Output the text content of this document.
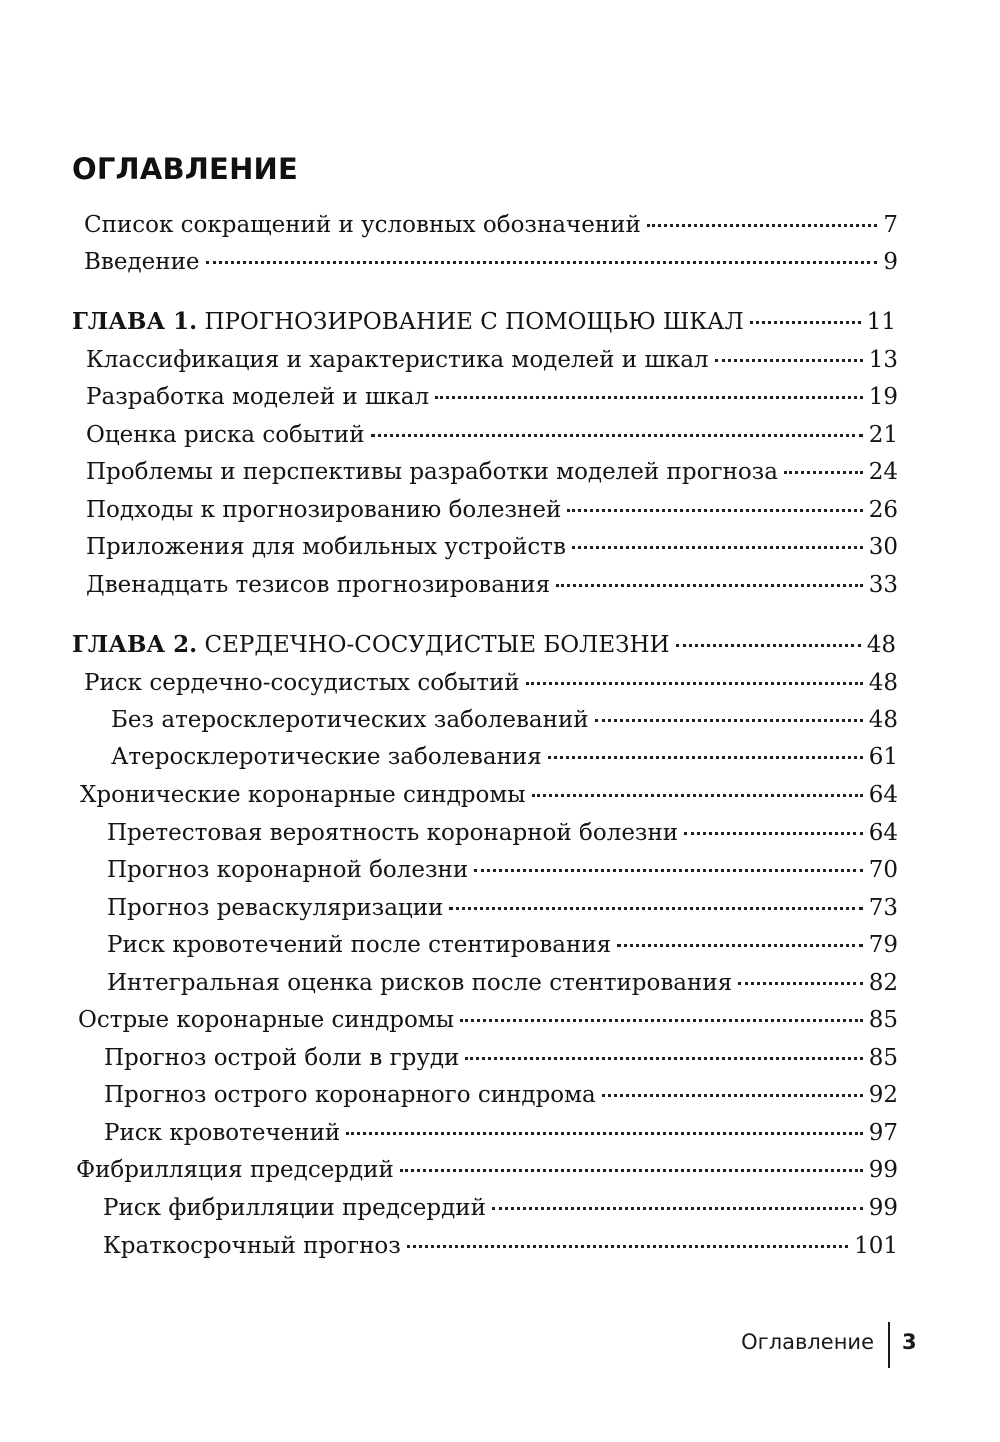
ОГЛАВЛЕНИЕ
Список сокращений и условных обозначений	7
Введение	9
ГЛАВА 1. ПРОГНОЗИРОВАНИЕ С ПОМОЩЬЮ ШКАЛ	11
Классификация и характеристика моделей и шкал	13
Разработка моделей и шкал	19
Оценка риска событий	21
Проблемы и перспективы разработки моделей прогноза	24
Подходы к прогнозированию болезней	26
Приложения для мобильных устройств	30
Двенадцать тезисов прогнозирования	33
ГЛАВА 2. СЕРДЕЧНО-СОСУДИСТЫЕ БОЛЕЗНИ	48
Риск сердечно-сосудистых событий	48
Без атеросклеротических заболеваний	48
Атеросклеротические заболевания	61
Хронические коронарные синдромы	64
Претестовая вероятность коронарной болезни	64
Прогноз коронарной болезни	70
Прогноз реваскуляризации	73
Риск кровотечений после стентирования	79
Интегральная оценка рисков после стентирования	82
Острые коронарные синдромы	85
Прогноз острой боли в груди	85
Прогноз острого коронарного синдрома	92
Риск кровотечений	97
Фибрилляция предсердий	99
Риск фибрилляции предсердий	99
Краткосрочный прогноз	101
Оглавление 3
